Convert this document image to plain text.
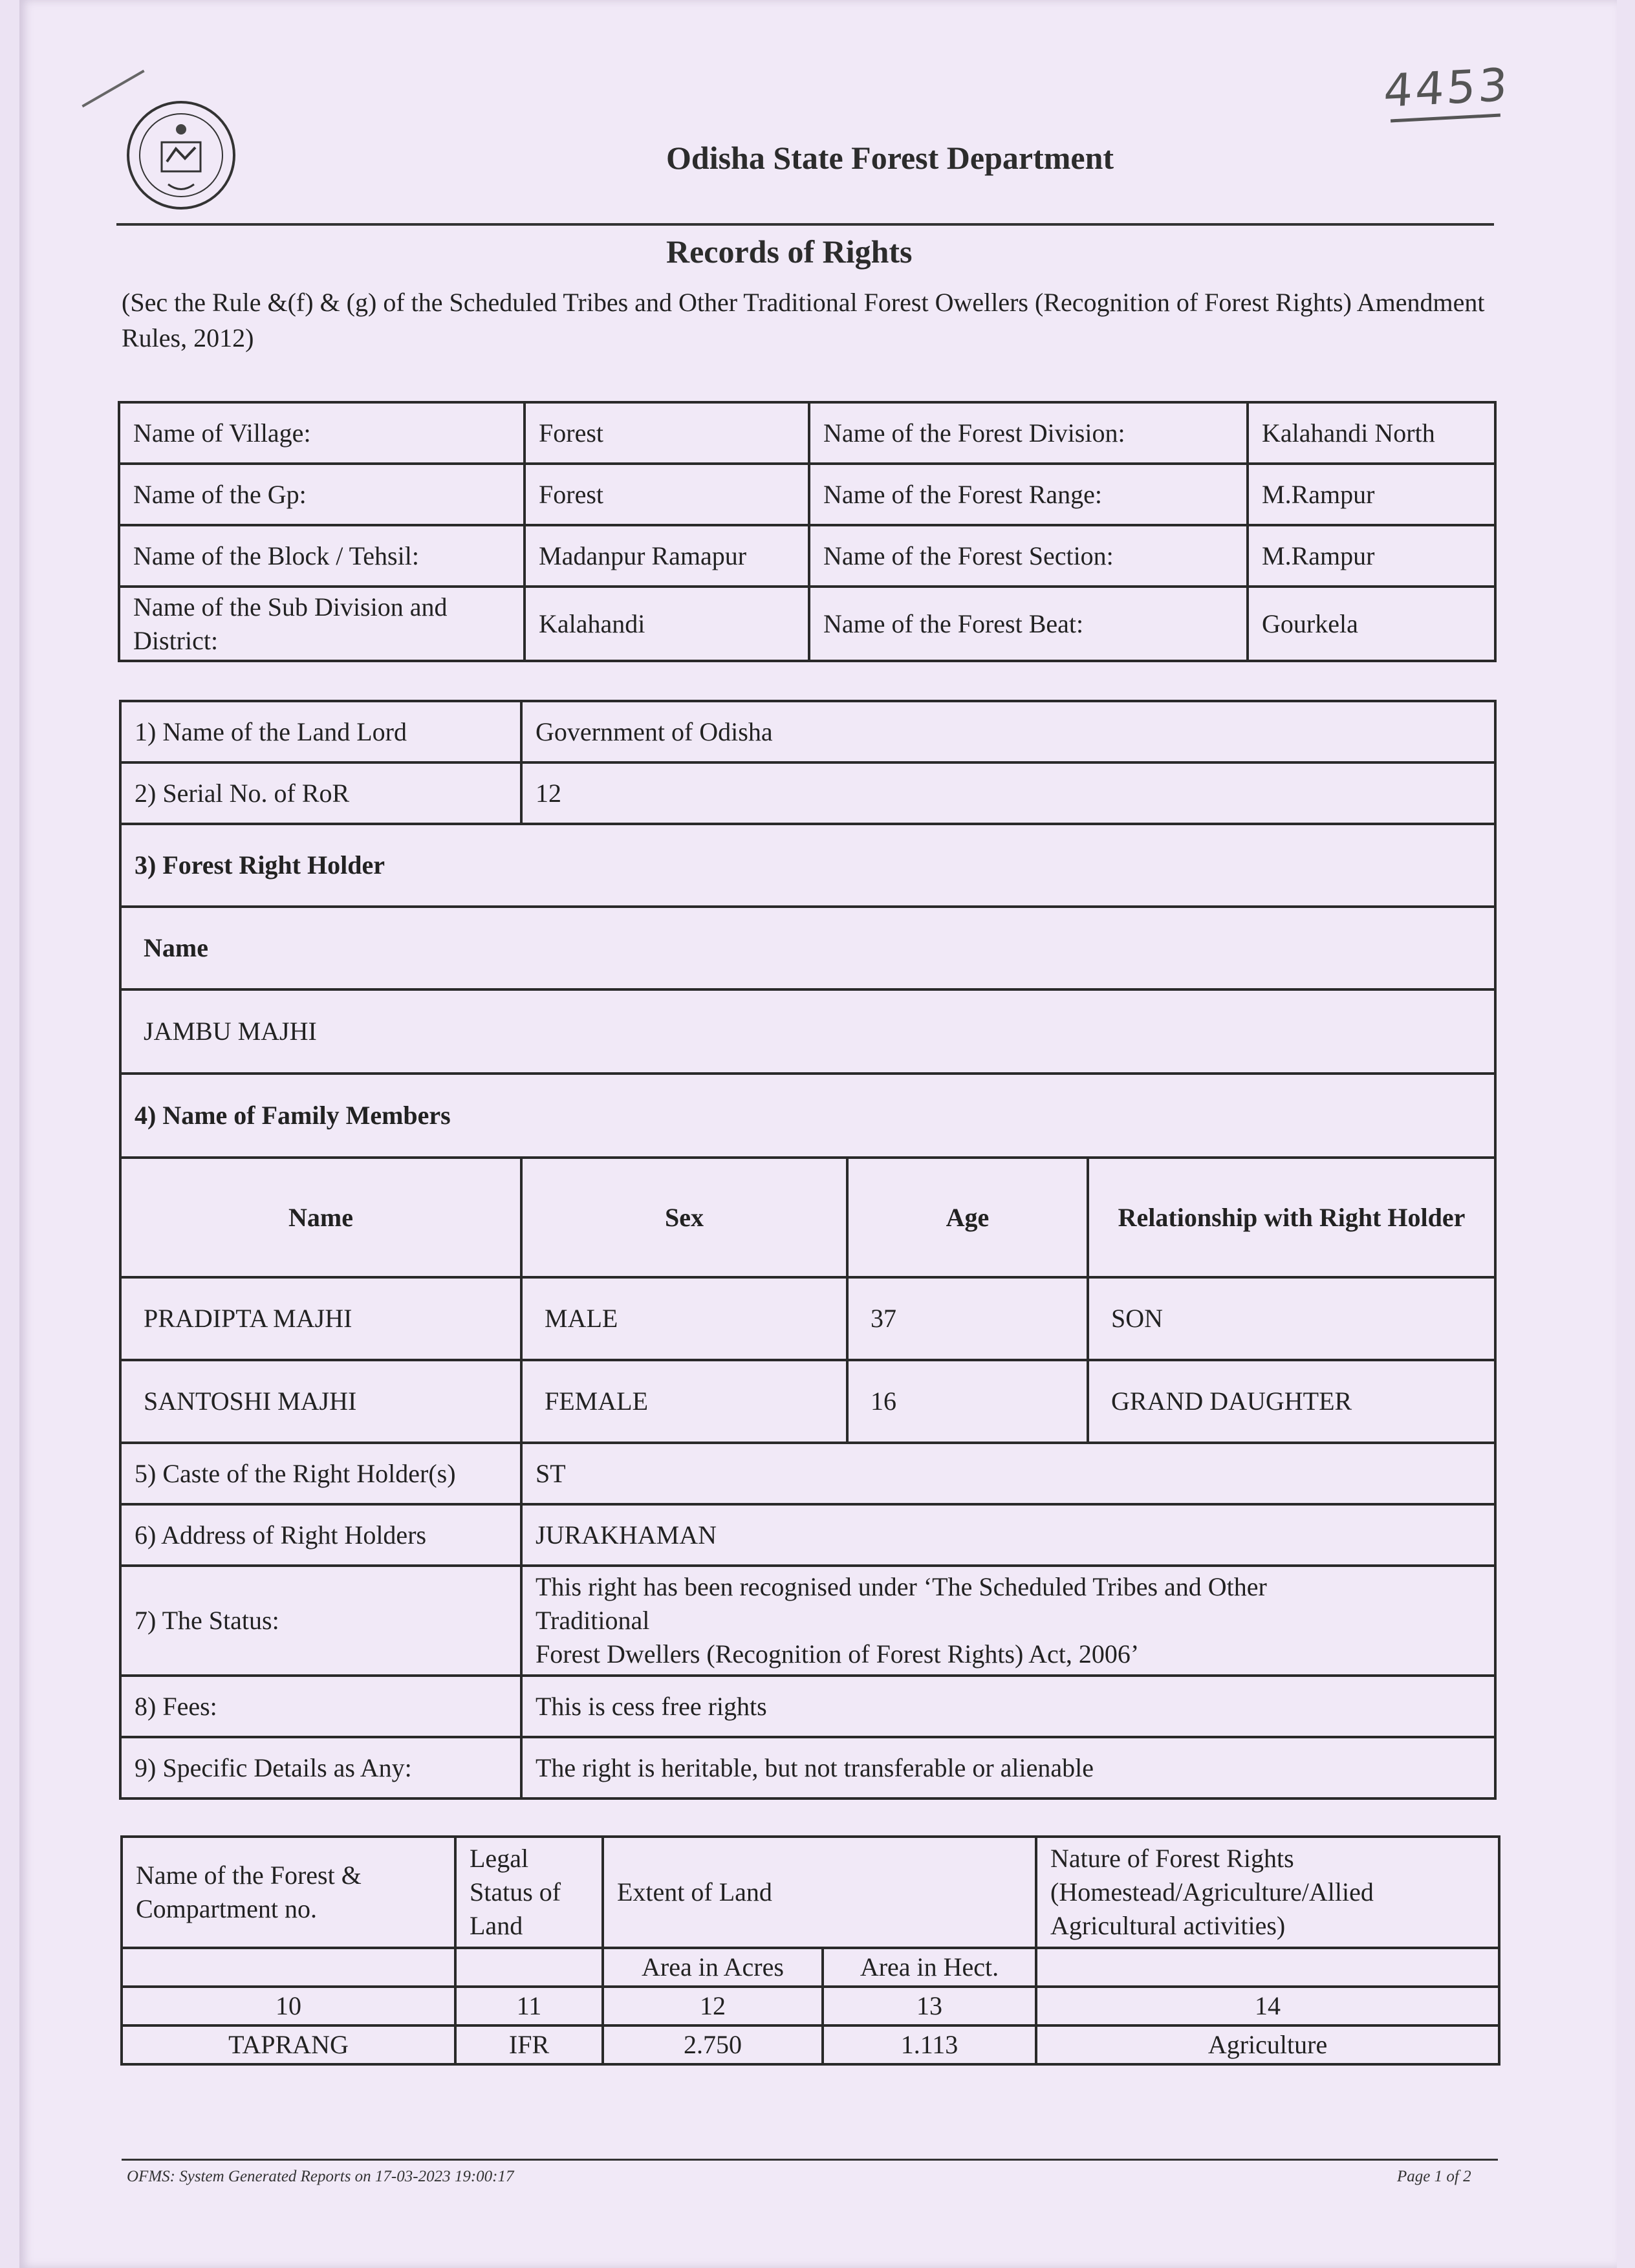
4453
Odisha State Forest Department
Records of Rights
(Sec the Rule &(f) & (g) of the Scheduled Tribes and Other Traditional Forest Owellers (Recognition of Forest Rights) Amendment Rules, 2012)
Name of Village:	Forest	Name of the Forest Division:	Kalahandi North
Name of the Gp:	Forest	Name of the Forest Range:	M.Rampur
Name of the Block / Tehsil:	Madanpur Ramapur	Name of the Forest Section:	M.Rampur
Name of the Sub Division and District:	Kalahandi	Name of the Forest Beat:	Gourkela
1) Name of the Land Lord	Government of Odisha		
2) Serial No. of RoR	12		
3) Forest Right Holder			
Name			
JAMBU MAJHI			
4) Name of Family Members			
Name	Sex	Age	Relationship with Right Holder
PRADIPTA MAJHI	MALE	37	SON
SANTOSHI MAJHI	FEMALE	16	GRAND DAUGHTER
5) Caste of the Right Holder(s)	ST		
6) Address of Right Holders	JURAKHAMAN		
7) The Status:	This right has been recognised under ‘The Scheduled Tribes and Other Traditional
Forest Dwellers (Recognition of Forest Rights) Act, 2006’		

8) Fees:	This is cess free rights		
9) Specific Details as Any:	The right is heritable, but not transferable or alienable		
Name of the Forest & Compartment no.	Legal Status of Land	Extent of Land		Nature of Forest Rights (Homestead/Agriculture/Allied Agricultural activities)
		Area in Acres	Area in Hect.	
10	11	12	13	14
TAPRANG	IFR	2.750	1.113	Agriculture
OFMS: System Generated Reports on 17-03-2023 19:00:17	Page 1 of 2
